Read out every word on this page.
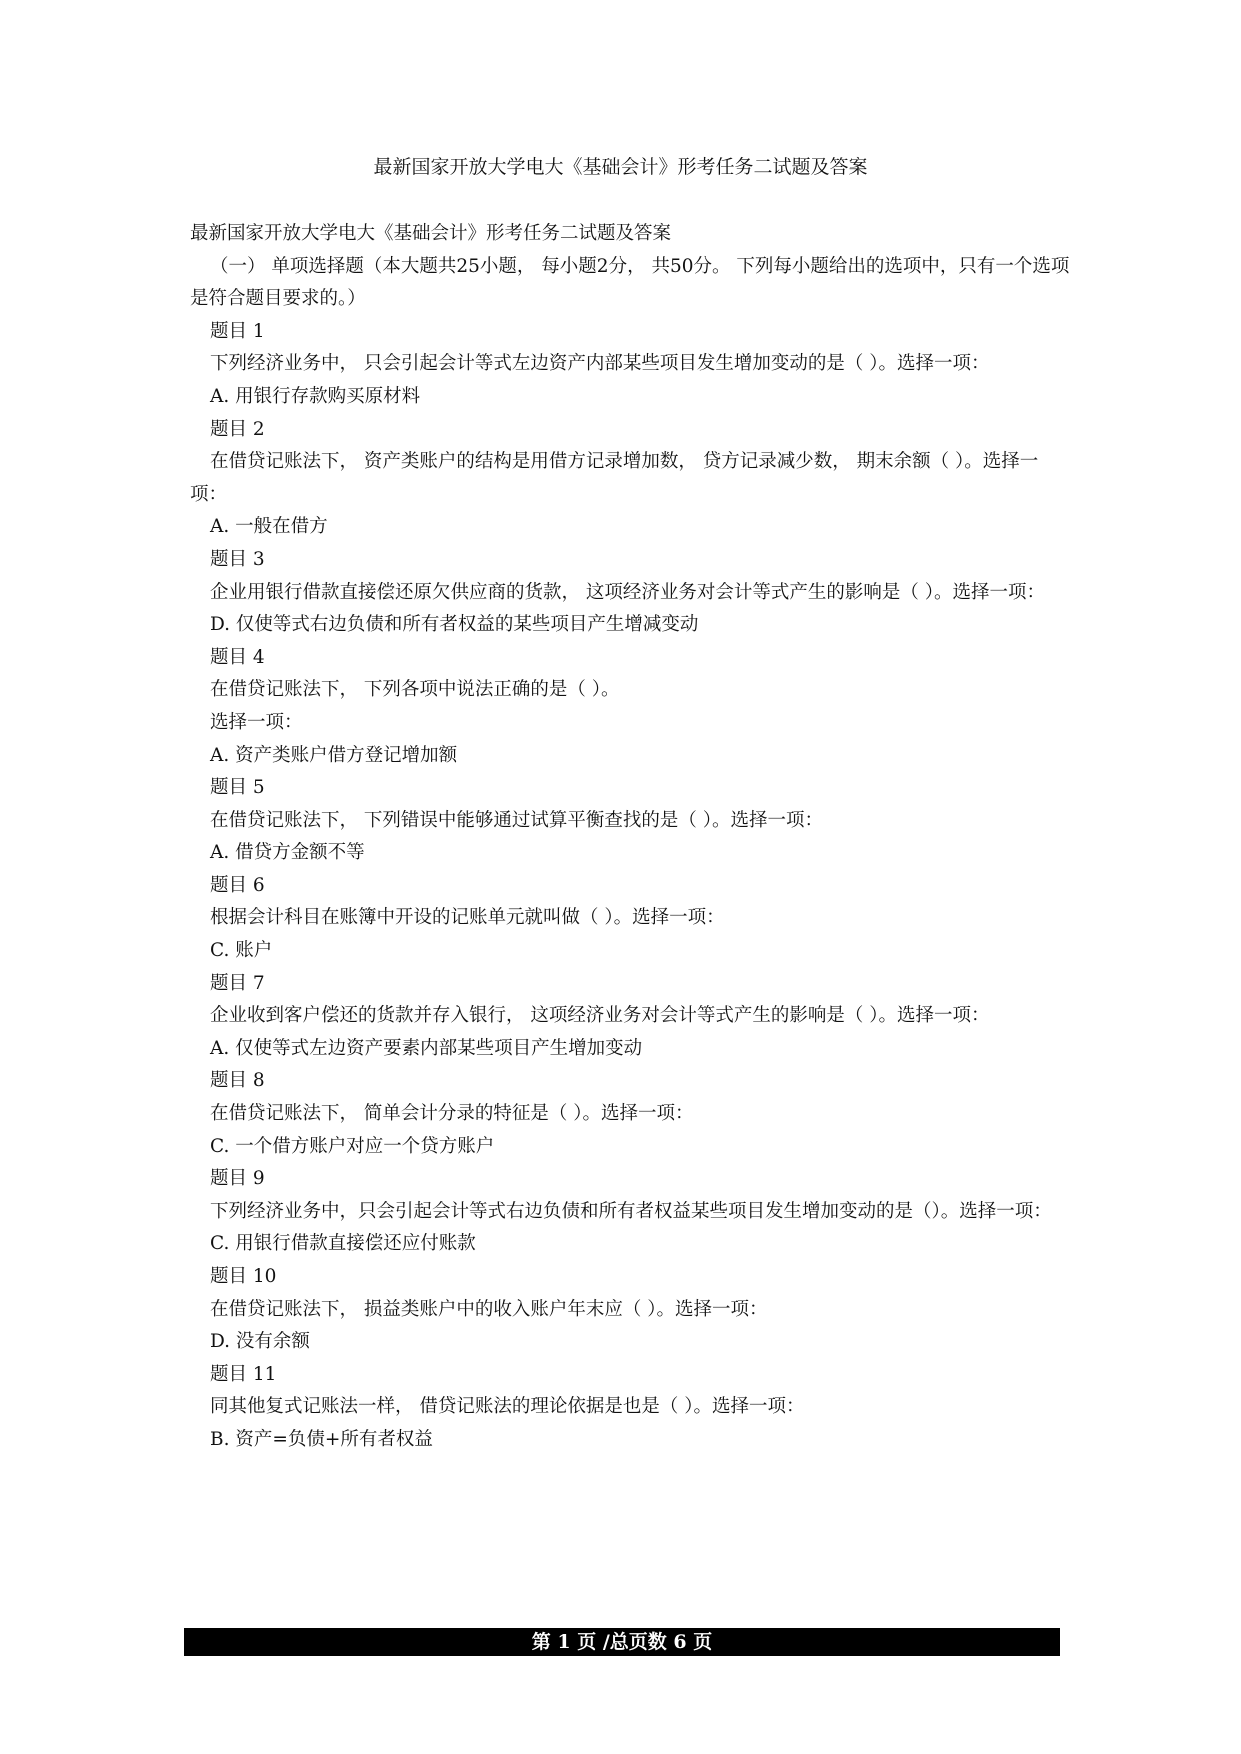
最新国家开放大学电大《基础会计》形考任务二试题及答案

最新国家开放大学电大《基础会计》形考任务二试题及答案

（一） 单项选择题（本大题共25小题， 每小题2分， 共50分。 下列每小题给出的选项中，只有一个选项是符合题目要求的。）

题目 1

下列经济业务中， 只会引起会计等式左边资产内部某些项目发生增加变动的是（ ）。选择一项：

A. 用银行存款购买原材料

题目 2

在借贷记账法下， 资产类账户的结构是用借方记录增加数， 贷方记录减少数， 期末余额（ ）。选择一项：

A. 一般在借方

题目 3

企业用银行借款直接偿还原欠供应商的货款， 这项经济业务对会计等式产生的影响是（ ）。选择一项：

D. 仅使等式右边负债和所有者权益的某些项目产生增减变动

题目 4

在借贷记账法下， 下列各项中说法正确的是（ ）。

选择一项：

A. 资产类账户借方登记增加额

题目 5

在借贷记账法下， 下列错误中能够通过试算平衡查找的是（ ）。选择一项：

A. 借贷方金额不等

题目 6

根据会计科目在账簿中开设的记账单元就叫做（ ）。选择一项：

C. 账户

题目 7

企业收到客户偿还的货款并存入银行， 这项经济业务对会计等式产生的影响是（ ）。选择一项：

A. 仅使等式左边资产要素内部某些项目产生增加变动

题目 8

在借贷记账法下， 简单会计分录的特征是（ ）。选择一项：

C. 一个借方账户对应一个贷方账户

题目 9

下列经济业务中，只会引起会计等式右边负债和所有者权益某些项目发生增加变动的是（）。选择一项：

C. 用银行借款直接偿还应付账款

题目 10

在借贷记账法下， 损益类账户中的收入账户年末应（ ）。选择一项：

D. 没有余额

题目 11

同其他复式记账法一样， 借贷记账法的理论依据是也是（ ）。选择一项：

B. 资产=负债+所有者权益

第 1 页 /总页数 6 页
